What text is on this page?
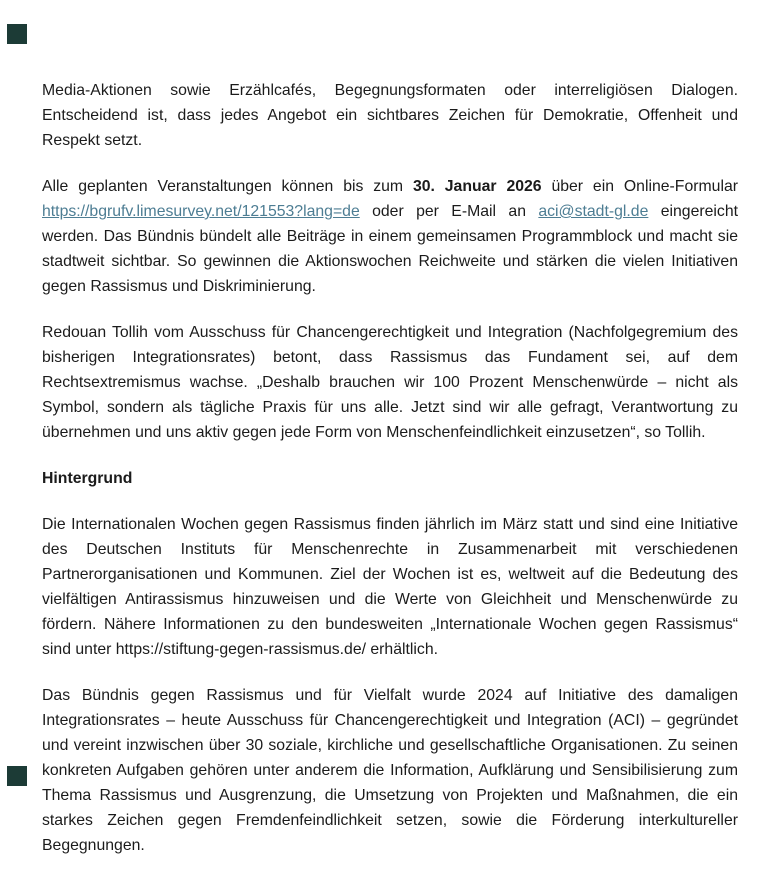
Media-Aktionen sowie Erzählcafés, Begegnungsformaten oder interreligiösen Dialogen. Entscheidend ist, dass jedes Angebot ein sichtbares Zeichen für Demokratie, Offenheit und Respekt setzt.

Alle geplanten Veranstaltungen können bis zum 30. Januar 2026 über ein Online-Formular https://bgrufv.limesurvey.net/121553?lang=de oder per E-Mail an aci@stadt-gl.de eingereicht werden. Das Bündnis bündelt alle Beiträge in einem gemeinsamen Programmblock und macht sie stadtweit sichtbar. So gewinnen die Aktionswochen Reichweite und stärken die vielen Initiativen gegen Rassismus und Diskriminierung.

Redouan Tollih vom Ausschuss für Chancengerechtigkeit und Integration (Nachfolgegremium des bisherigen Integrationsrates) betont, dass Rassismus das Fundament sei, auf dem Rechtsextremismus wachse. „Deshalb brauchen wir 100 Prozent Menschenwürde – nicht als Symbol, sondern als tägliche Praxis für uns alle. Jetzt sind wir alle gefragt, Verantwortung zu übernehmen und uns aktiv gegen jede Form von Menschenfeindlichkeit einzusetzen“, so Tollih.

Hintergrund

Die Internationalen Wochen gegen Rassismus finden jährlich im März statt und sind eine Initiative des Deutschen Instituts für Menschenrechte in Zusammenarbeit mit verschiedenen Partnerorganisationen und Kommunen. Ziel der Wochen ist es, weltweit auf die Bedeutung des vielfältigen Antirassismus hinzuweisen und die Werte von Gleichheit und Menschenwürde zu fördern. Nähere Informationen zu den bundesweiten „Internationale Wochen gegen Rassismus“ sind unter https://stiftung-gegen-rassismus.de/ erhältlich.

Das Bündnis gegen Rassismus und für Vielfalt wurde 2024 auf Initiative des damaligen Integrationsrates – heute Ausschuss für Chancengerechtigkeit und Integration (ACI) – gegründet und vereint inzwischen über 30 soziale, kirchliche und gesellschaftliche Organisationen. Zu seinen konkreten Aufgaben gehören unter anderem die Information, Aufklärung und Sensibilisierung zum Thema Rassismus und Ausgrenzung, die Umsetzung von Projekten und Maßnahmen, die ein starkes Zeichen gegen Fremdenfeindlichkeit setzen, sowie die Förderung interkultureller Begegnungen.
